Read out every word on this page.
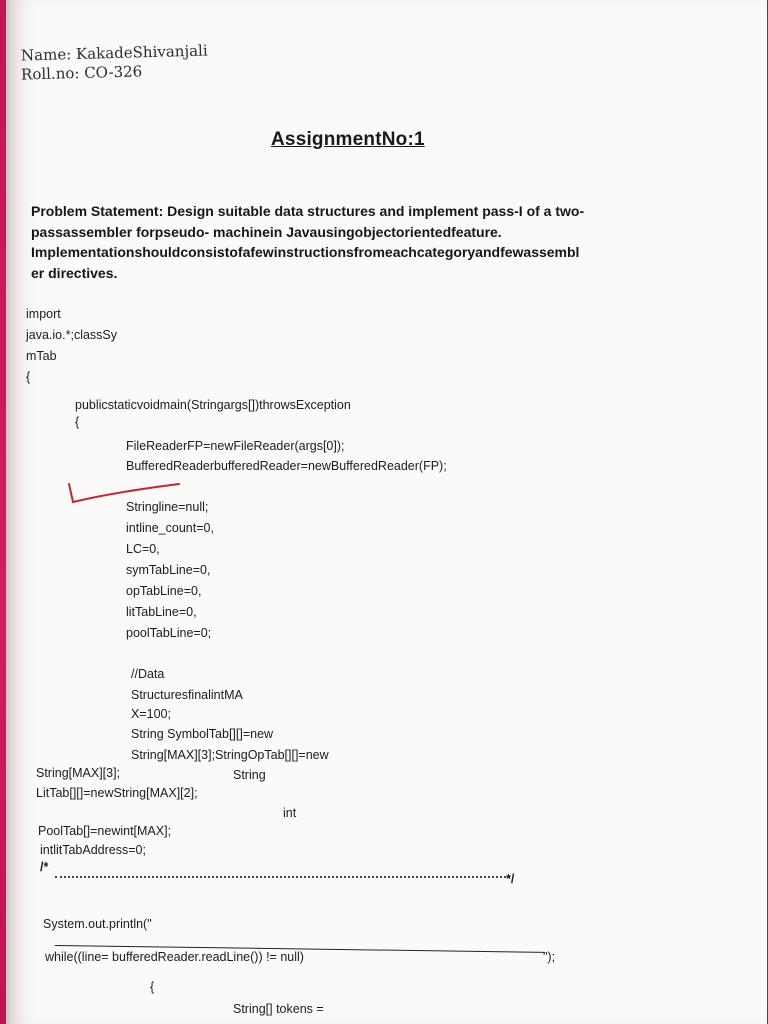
Name: KakadeShivanjali
Roll.no: CO-326
AssignmentNo:1
Problem Statement: Design suitable data structures and implement pass-I of a two-
passassembler forpseudo- machinein Javausingobjectorientedfeature.
Implementationshouldconsistofafewinstructionsfromeachcategoryandfewassembl
er directives.
import
java.io.*;classSy
mTab
{
publicstaticvoidmain(Stringargs[])throwsException
{
FileReaderFP=newFileReader(args[0]);
BufferedReaderbufferedReader=newBufferedReader(FP);
Stringline=null;
intline_count=0,
LC=0,
symTabLine=0,
opTabLine=0,
litTabLine=0,
poolTabLine=0;
//Data
StructuresfinalintMA
X=100;
String SymbolTab[][]=new
String[MAX][3];StringOpTab[][]=new
String[MAX][3];	String
LitTab[][]=newString[MAX][2];
int
PoolTab[]=newint[MAX];
intlitTabAddress=0;
/*
*/
System.out.println("
while((line= bufferedReader.readLine()) != null)	");
{
String[] tokens =
